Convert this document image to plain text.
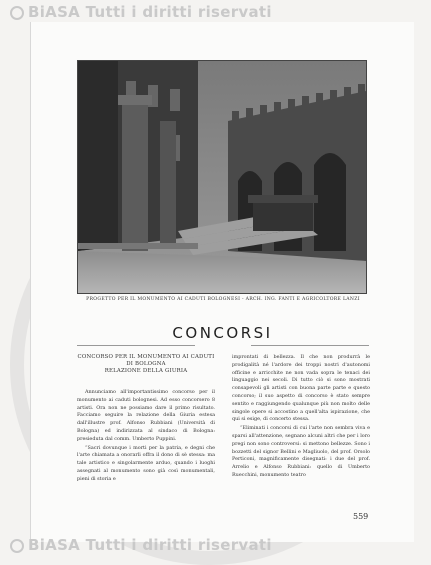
BiASA Tutti i diritti riservati
PROGETTO PER IL MONUMENTO AI CADUTI BOLOGNESI - ARCH. ING. FANTI E AGRICOLTORE LANZI
CONCORSI
CONCORSO PER IL MONUMENTO AI CADUTI
DI BOLOGNA
RELAZIONE DELLA GIURIA

Annunciamo all'importantissimo concorso per il monumento ai caduti bolognesi. Ad esso concorsero 8 artisti. Ora non ne possiamo dare il primo risultato. Facciamo seguire la relazione della Giuria estesa dall'illustre prof. Alfonso Rubbiani (Università di Bologna) ed indirizzata al sindaco di Bologna: presieduta dal comm. Umberto Puppini.

“Sacri dovunque i morti per la patria, e degni che l'arte chiamata a onorarli offra il dono di sè stessa: ma tale artistico e singolarmente arduo, quando i luoghi assegnati al monumento sono già così monumentali, pieni di storia e

improntati di bellezza. Il che non produrrà le prodigalità né l'ardore dei troppi nostri d'autonomi officine e arricchite ne non vada sopra le tenaci dei linguaggio nei secoli. Di tutto ciò si sono mostrati consapevoli gli artisti con buona parte parte e questo concorso; il suo aspetto di concorso è stato sempre sentito e raggiungendo qualunque più non molto delle singole opere si accostino a quell'alta ispirazione, che qui si esige, di concerto stessa.

“Eliminati i concorsi di cui l'arte non sembra viva e sparsi all'attenzione, segnano alcuni altri che per i loro pregi non sono controversi: si mettono bellezze. Sono i bozzetti del signor Bellini e Magliuolo, del prof. Orsolo Perticoni, magnificamente disegnati: i due del prof. Arrelio e Alfonso Rubbiani: quello di Umberto Ruecchini, monumento teatro

559
BiASA Tutti i diritti riservati
